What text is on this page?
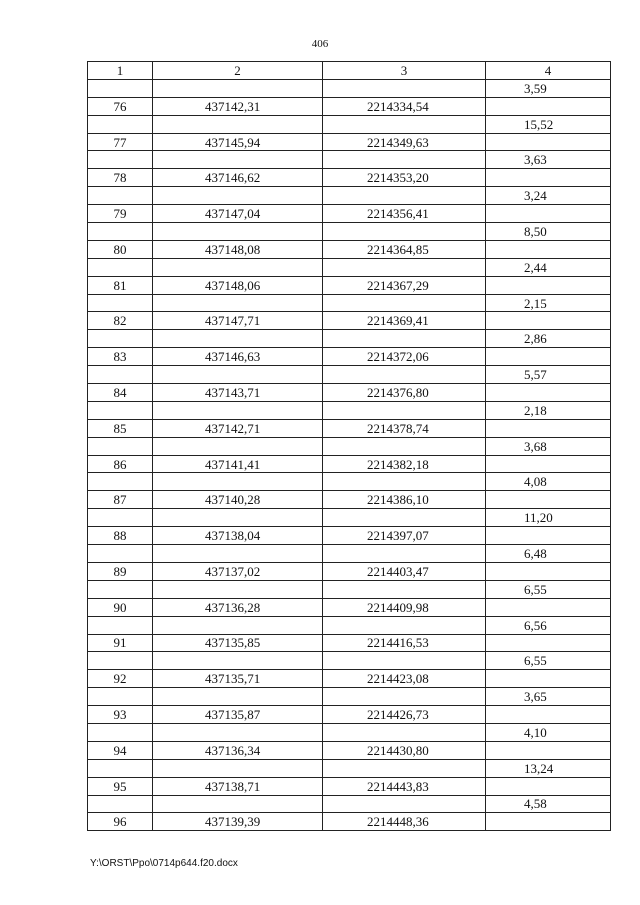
406
1	2	3	4
			3,59
76	437142,31	2214334,54	
			15,52
77	437145,94	2214349,63	
			3,63
78	437146,62	2214353,20	
			3,24
79	437147,04	2214356,41	
			8,50
80	437148,08	2214364,85	
			2,44
81	437148,06	2214367,29	
			2,15
82	437147,71	2214369,41	
			2,86
83	437146,63	2214372,06	
			5,57
84	437143,71	2214376,80	
			2,18
85	437142,71	2214378,74	
			3,68
86	437141,41	2214382,18	
			4,08
87	437140,28	2214386,10	
			11,20
88	437138,04	2214397,07	
			6,48
89	437137,02	2214403,47	
			6,55
90	437136,28	2214409,98	
			6,56
91	437135,85	2214416,53	
			6,55
92	437135,71	2214423,08	
			3,65
93	437135,87	2214426,73	
			4,10
94	437136,34	2214430,80	
			13,24
95	437138,71	2214443,83	
			4,58
96	437139,39	2214448,36	
Y:\ORST\Ppo\0714p644.f20.docx
